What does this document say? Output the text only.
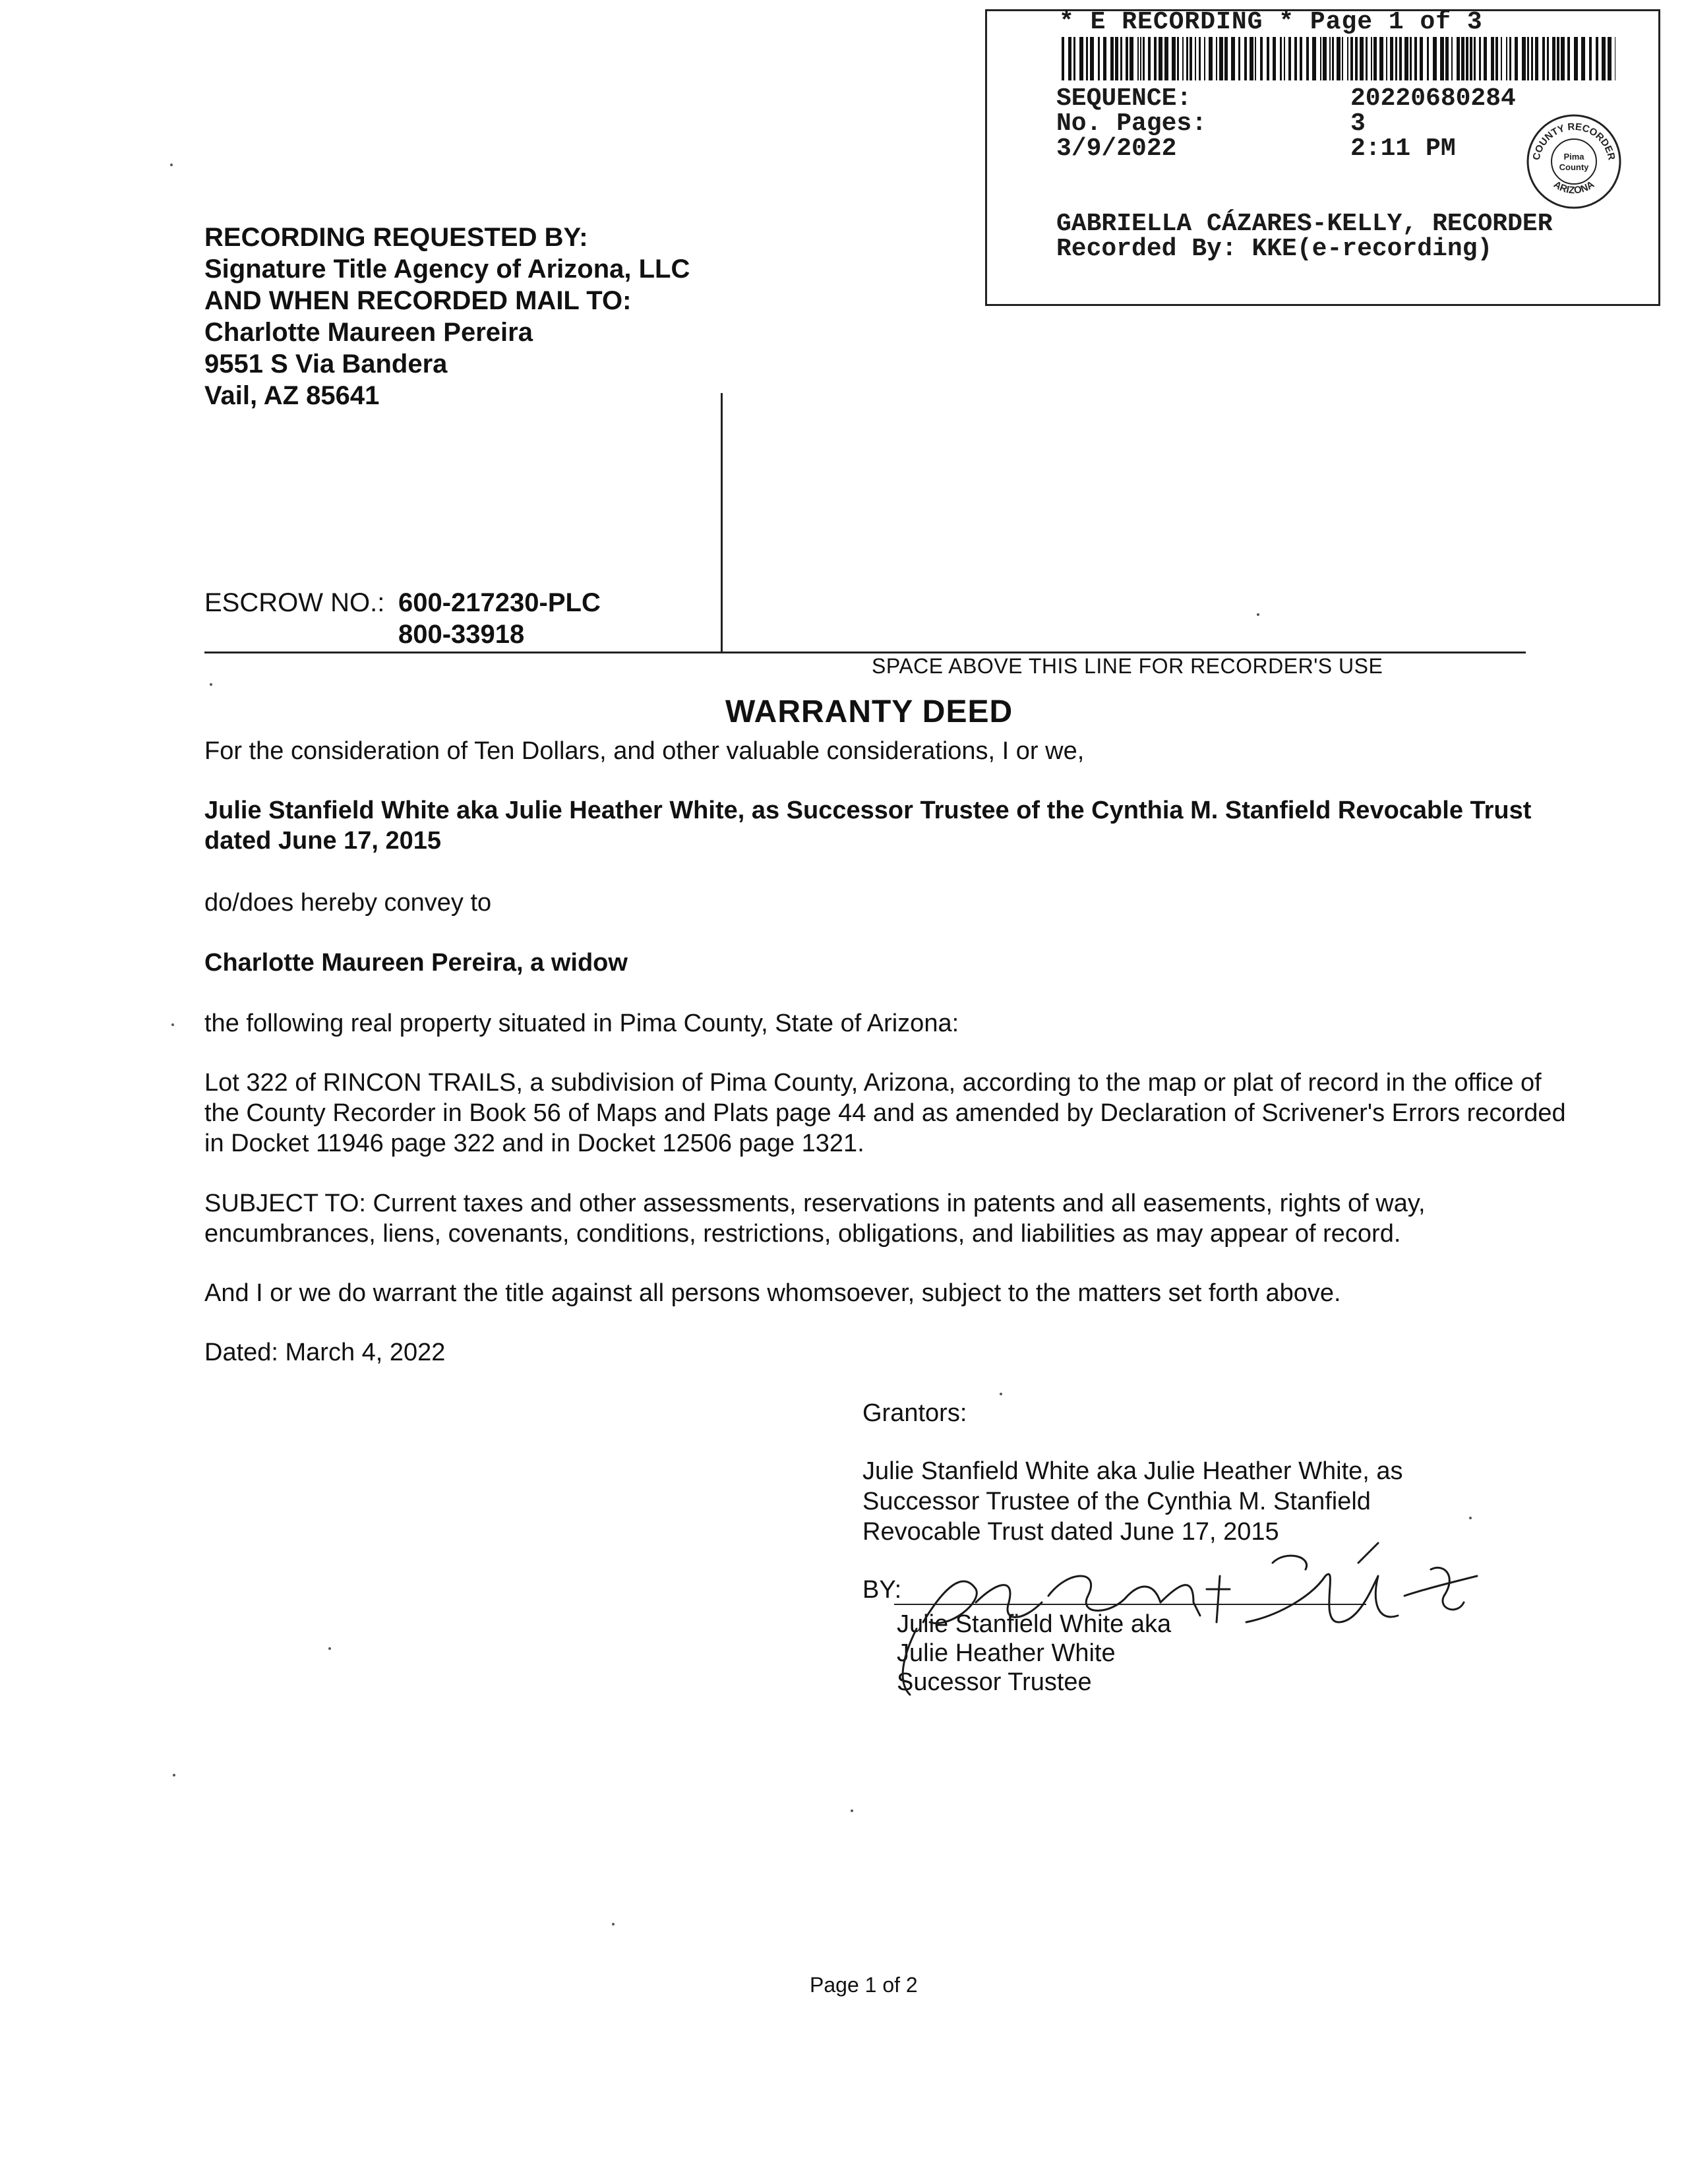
* E RECORDING * Page 1 of 3
SEQUENCE:	20220680284
No. Pages:	3
3/9/2022	2:11 PM
GABRIELLA CÁZARES-KELLY, RECORDER
Recorded By: KKE(e-recording)
COUNTY RECORDER
ARIZONA
Pima
County
RECORDING REQUESTED BY:
Signature Title Agency of Arizona, LLC
AND WHEN RECORDED MAIL TO:
Charlotte Maureen Pereira
9551 S Via Bandera
Vail, AZ 85641
ESCROW NO.: 600-217230-PLC
800-33918
SPACE ABOVE THIS LINE FOR RECORDER'S USE
WARRANTY DEED
For the consideration of Ten Dollars, and other valuable considerations, I or we,
Julie Stanfield White aka Julie Heather White, as Successor Trustee of the Cynthia M. Stanfield Revocable Trust dated June 17, 2015
do/does hereby convey to
Charlotte Maureen Pereira, a widow
the following real property situated in Pima County, State of Arizona:
Lot 322 of RINCON TRAILS, a subdivision of Pima County, Arizona, according to the map or plat of record in the office of the County Recorder in Book 56 of Maps and Plats page 44 and as amended by Declaration of Scrivener's Errors recorded in Docket 11946 page 322 and in Docket 12506 page 1321.
SUBJECT TO: Current taxes and other assessments, reservations in patents and all easements, rights of way, encumbrances, liens, covenants, conditions, restrictions, obligations, and liabilities as may appear of record.
And I or we do warrant the title against all persons whomsoever, subject to the matters set forth above.
Dated: March 4, 2022
Grantors:
Julie Stanfield White aka Julie Heather White, as
Successor Trustee of the Cynthia M. Stanfield
Revocable Trust dated June 17, 2015
BY:
Julie Stanfield White aka
Julie Heather White
Sucessor Trustee
Page 1 of 2
